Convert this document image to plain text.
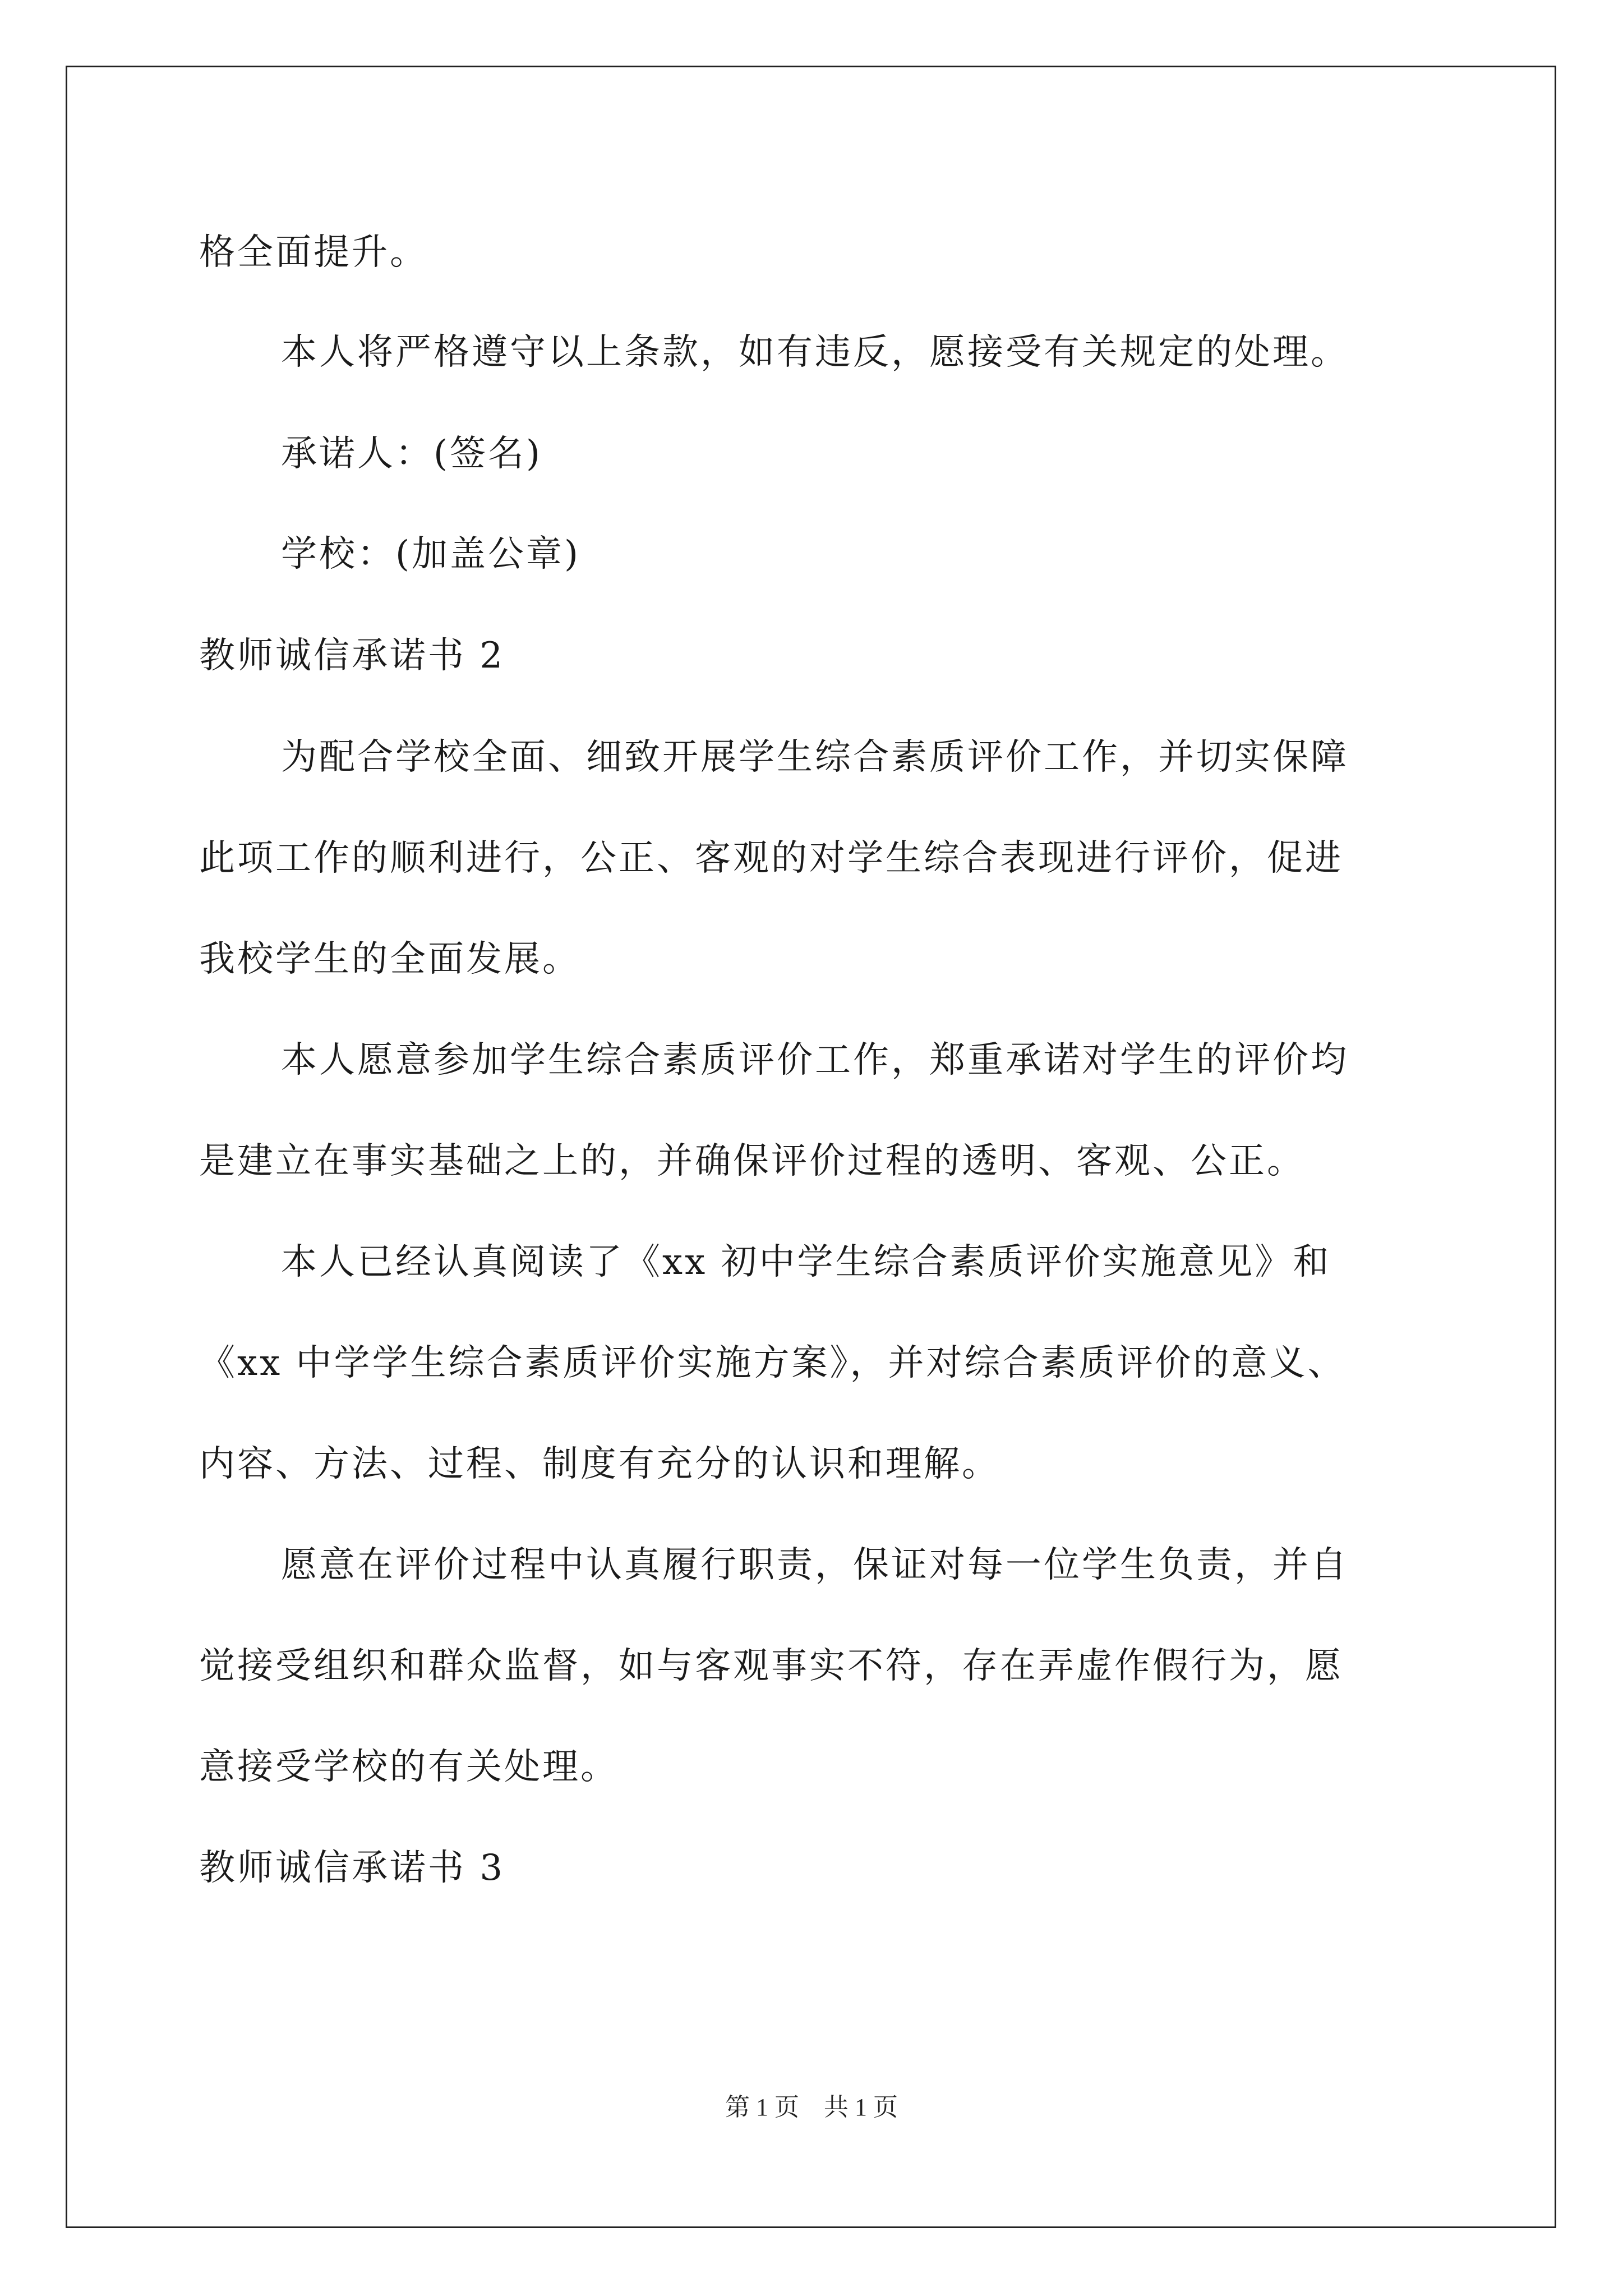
格全面提升。
本人将严格遵守以上条款，如有违反，愿接受有关规定的处理。
承诺人：(签名)
学校：(加盖公章)
教师诚信承诺书 2
为配合学校全面、细致开展学生综合素质评价工作，并切实保障
此项工作的顺利进行，公正、客观的对学生综合表现进行评价，促进
我校学生的全面发展。
本人愿意参加学生综合素质评价工作，郑重承诺对学生的评价均
是建立在事实基础之上的，并确保评价过程的透明、客观、公正。
本人已经认真阅读了《xx 初中学生综合素质评价实施意见》和
《xx 中学学生综合素质评价实施方案》，并对综合素质评价的意义、
内容、方法、过程、制度有充分的认识和理解。
愿意在评价过程中认真履行职责，保证对每一位学生负责，并自
觉接受组织和群众监督，如与客观事实不符，存在弄虚作假行为，愿
意接受学校的有关处理。
教师诚信承诺书 3
第 1 页    共 1 页
